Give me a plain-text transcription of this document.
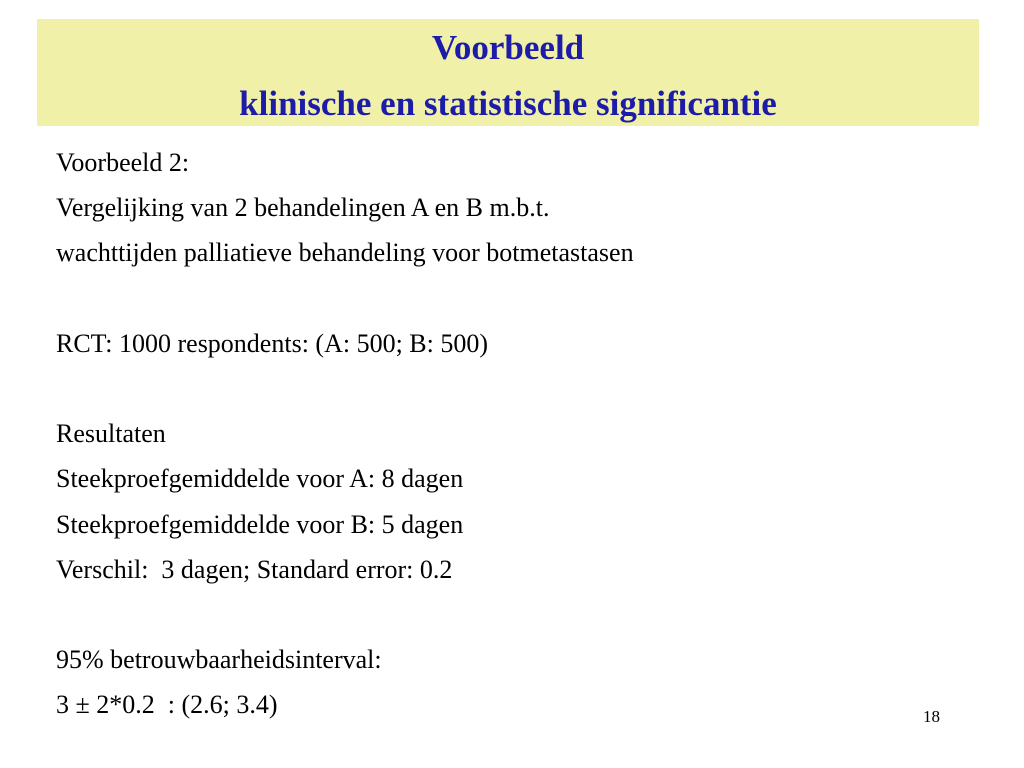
Voorbeeld
klinische en statistische significantie
Voorbeeld 2:
Vergelijking van 2 behandelingen A en B m.b.t.
wachttijden palliatieve behandeling voor botmetastasen
RCT: 1000 respondents: (A: 500; B: 500)
Resultaten
Steekproefgemiddelde voor A: 8 dagen
Steekproefgemiddelde voor B: 5 dagen
Verschil:  3 dagen; Standard error: 0.2
95% betrouwbaarheidsinterval:
3 ± 2*0.2  : (2.6; 3.4)	18
